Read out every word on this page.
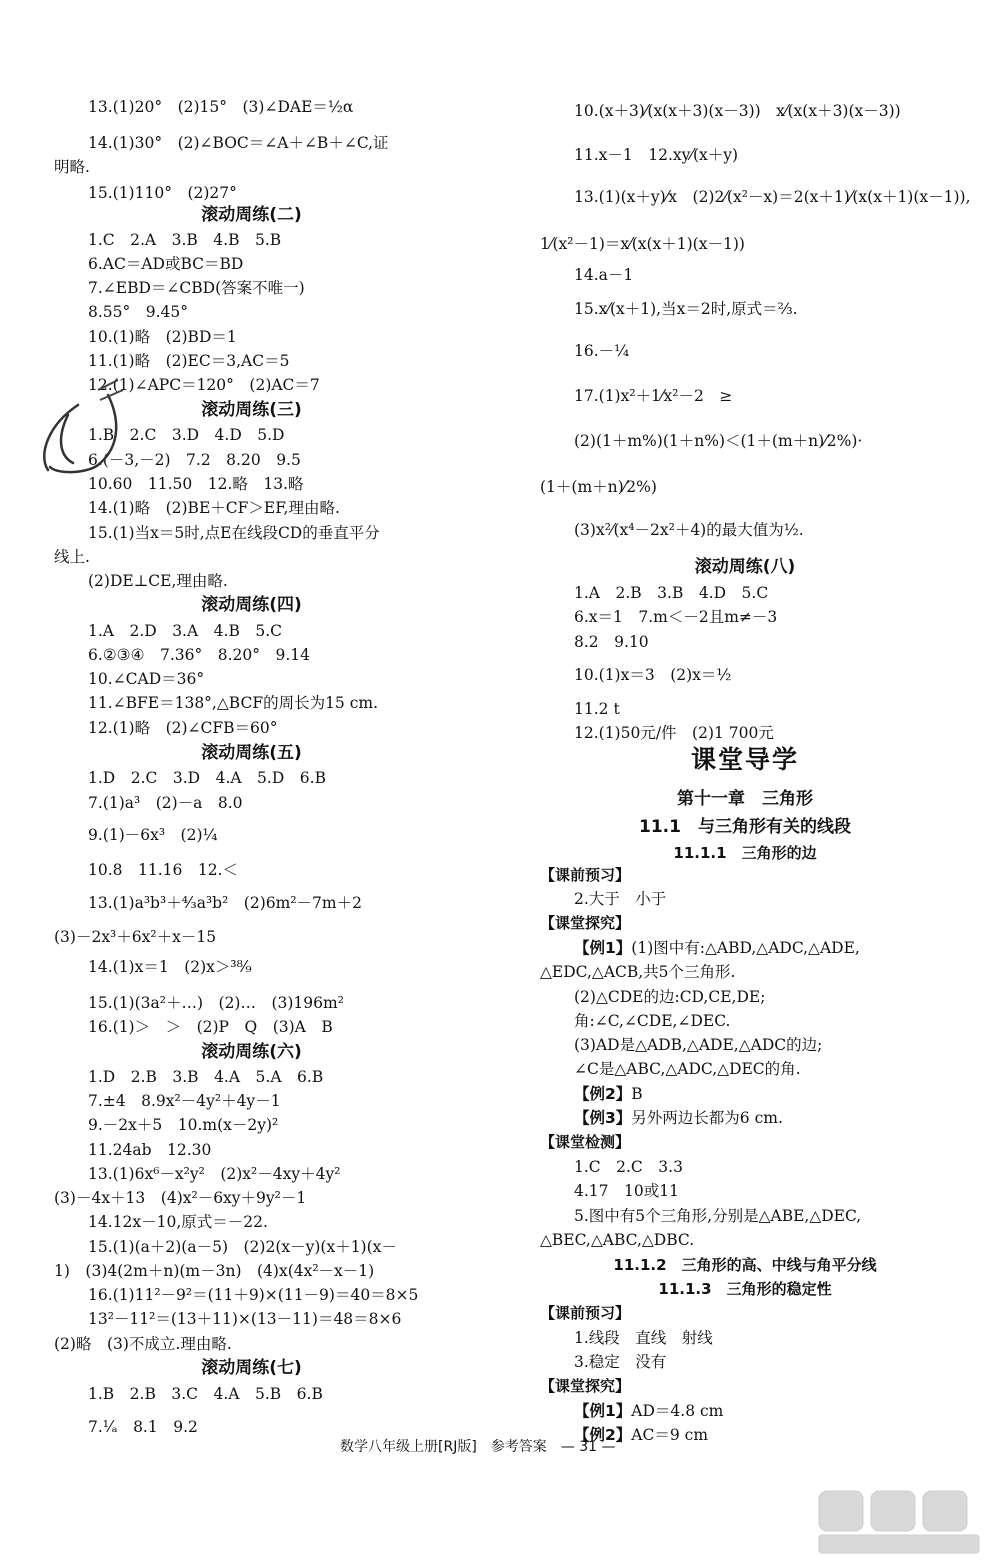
13.(1)20°　(2)15°　(3)∠DAE＝½α
14.(1)30°　(2)∠BOC＝∠A＋∠B＋∠C,证
明略.
15.(1)110°　(2)27°
滚动周练(二)
1.C　2.A　3.B　4.B　5.B
6.AC＝AD或BC＝BD
7.∠EBD＝∠CBD(答案不唯一)
8.55°　9.45°
10.(1)略　(2)BD＝1
11.(1)略　(2)EC＝3,AC＝5
12.(1)∠APC＝120°　(2)AC＝7
滚动周练(三)
1.B　2.C　3.D　4.D　5.D
6.(－3,－2)　7.2　8.20　9.5
10.60　11.50　12.略　13.略
14.(1)略　(2)BE＋CF＞EF,理由略.
15.(1)当x＝5时,点E在线段CD的垂直平分
线上.
(2)DE⊥CE,理由略.
滚动周练(四)
1.A　2.D　3.A　4.B　5.C
6.②③④　7.36°　8.20°　9.14
10.∠CAD＝36°
11.∠BFE＝138°,△BCF的周长为15 cm.
12.(1)略　(2)∠CFB＝60°
滚动周练(五)
1.D　2.C　3.D　4.A　5.D　6.B
7.(1)a³　(2)－a　8.0
9.(1)－6x³　(2)¼
10.8　11.16　12.＜
13.(1)a³b³＋⁴⁄₃a³b²　(2)6m²－7m＋2
(3)－2x³＋6x²＋x－15
14.(1)x＝1　(2)x＞³⁸⁄₉
15.(1)(3a²＋…)　(2)…　(3)196m²
16.(1)＞　＞　(2)P　Q　(3)A　B
滚动周练(六)
1.D　2.B　3.B　4.A　5.A　6.B
7.±4　8.9x²－4y²＋4y－1
9.－2x＋5　10.m(x－2y)²
11.24ab　12.30
13.(1)6x⁶－x²y²　(2)x²－4xy＋4y²
(3)－4x＋13　(4)x²－6xy＋9y²－1
14.12x－10,原式＝－22.
15.(1)(a＋2)(a－5)　(2)2(x－y)(x＋1)(x－
1)　(3)4(2m＋n)(m－3n)　(4)x(4x²－x－1)
16.(1)11²－9²＝(11＋9)×(11－9)＝40＝8×5
13²－11²＝(13＋11)×(13－11)＝48＝8×6
(2)略　(3)不成立.理由略.
滚动周练(七)
1.B　2.B　3.C　4.A　5.B　6.B
7.¹⁄ₐ　8.1　9.2
10.(x＋3)⁄(x(x＋3)(x－3))　x⁄(x(x＋3)(x－3))
11.x－1　12.xy⁄(x＋y)
13.(1)(x＋y)⁄x　(2)2⁄(x²－x)＝2(x＋1)⁄(x(x＋1)(x－1)),
1⁄(x²－1)＝x⁄(x(x＋1)(x－1))
14.a－1
15.x⁄(x＋1),当x＝2时,原式＝⅔.
16.－¼
17.(1)x²＋1⁄x²－2　≥
(2)(1＋m%)(1＋n%)＜(1＋(m＋n)⁄2%)·
(1＋(m＋n)⁄2%)
(3)x²⁄(x⁴－2x²＋4)的最大值为½.
滚动周练(八)
1.A　2.B　3.B　4.D　5.C
6.x＝1　7.m＜－2且m≠－3
8.2　9.10
10.(1)x＝3　(2)x＝½
11.2 t
12.(1)50元/件　(2)1 700元
课堂导学
第十一章　三角形
11.1　与三角形有关的线段
11.1.1　三角形的边
【课前预习】
2.大于　小于
【课堂探究】
【例1】(1)图中有:△ABD,△ADC,△ADE,
△EDC,△ACB,共5个三角形.
(2)△CDE的边:CD,CE,DE;
角:∠C,∠CDE,∠DEC.
(3)AD是△ADB,△ADE,△ADC的边;
∠C是△ABC,△ADC,△DEC的角.
【例2】B
【例3】另外两边长都为6 cm.
【课堂检测】
1.C　2.C　3.3
4.17　10或11
5.图中有5个三角形,分别是△ABE,△DEC,
△BEC,△ABC,△DBC.
11.1.2　三角形的高、中线与角平分线
11.1.3　三角形的稳定性
【课前预习】
1.线段　直线　射线
3.稳定　没有
【课堂探究】
【例1】AD＝4.8 cm
【例2】AC＝9 cm
数学八年级上册[RJ版]　参考答案　— 31 —
